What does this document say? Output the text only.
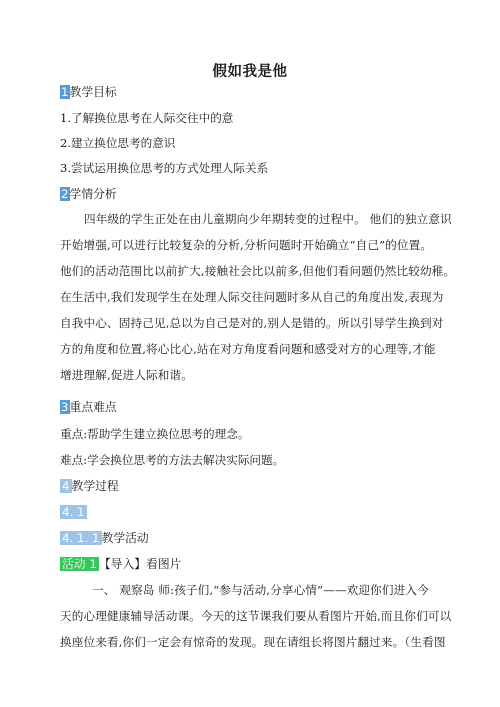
假如我是他
1教学目标
1.了解换位思考在人际交往中的意
2.建立换位思考的意识
3.尝试运用换位思考的方式处理人际关系
2学情分析
四年级的学生正处在由儿童期向少年期转变的过程中。 他们的独立意识
开始增强,可以进行比较复杂的分析,分析问题时开始确立“自己”的位置。
他们的活动范围比以前扩大,接触社会比以前多,但他们看问题仍然比较幼稚。
在生活中,我们发现学生在处理人际交往问题时多从自己的角度出发,表现为
自我中心、固持己见,总以为自己是对的,别人是错的。所以引导学生换到对
方的角度和位置,将心比心,站在对方角度看问题和感受对方的心理等,才能
增进理解,促进人际和谐。
3重点难点
重点:帮助学生建立换位思考的理念。
难点:学会换位思考的方法去解决实际问题。
4 教学过程
4. 1
4. 1. 1 教学活动
活动 1 【导入】看图片
一、 观察岛 师:孩子们,“参与活动,分享心情”——欢迎你们进入今
天的心理健康辅导活动课。今天的这节课我们要从看图片开始,而且你们可以
换座位来看,你们一定会有惊奇的发现。现在请组长将图片翻过来。（生看图
